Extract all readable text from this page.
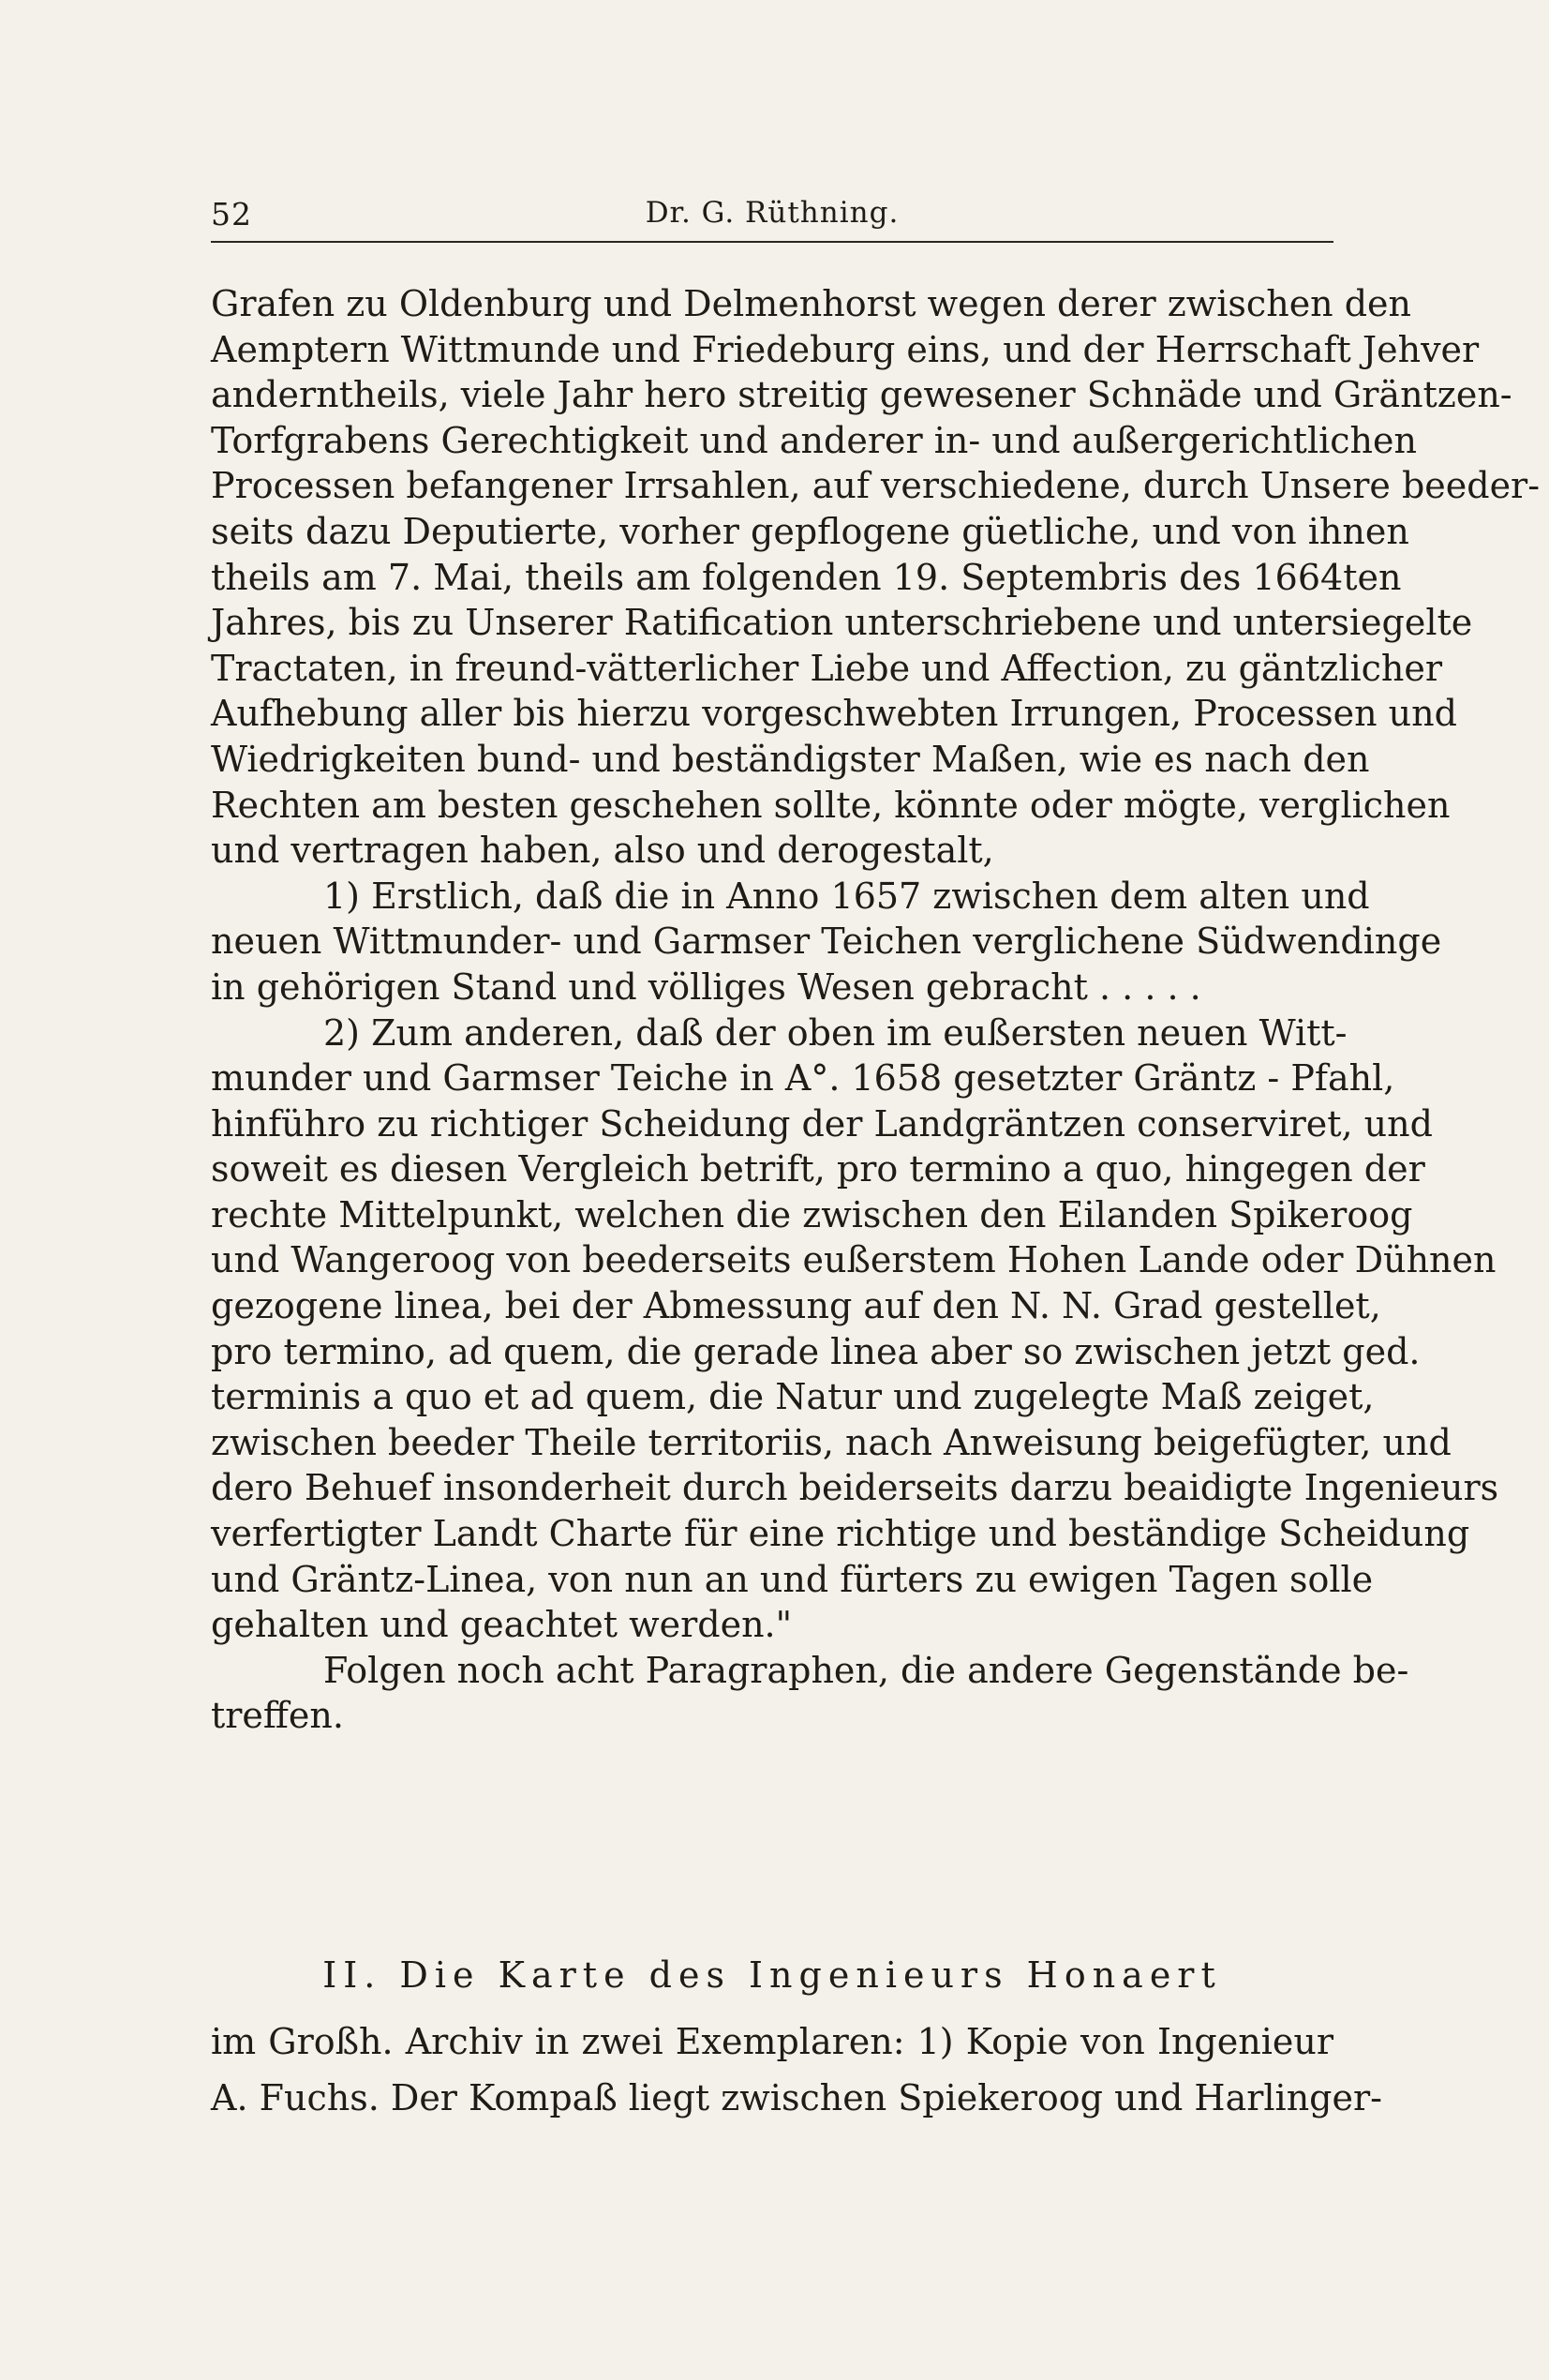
52	Dr. G. Rüthning.
Grafen zu Oldenburg und Delmenhorst wegen derer zwischen den
Aemptern Wittmunde und Friedeburg eins, und der Herrschaft Jehver
anderntheils, viele Jahr hero streitig gewesener Schnäde und Gräntzen-
Torfgrabens Gerechtigkeit und anderer in- und außergerichtlichen
Processen befangener Irrsahlen, auf verschiedene, durch Unsere beeder-
seits dazu Deputierte, vorher gepflogene güetliche, und von ihnen
theils am 7. Mai, theils am folgenden 19. Septembris des 1664ten
Jahres, bis zu Unserer Ratification unterschriebene und untersiegelte
Tractaten, in freund-vätterlicher Liebe und Affection, zu gäntzlicher
Aufhebung aller bis hierzu vorgeschwebten Irrungen, Processen und
Wiedrigkeiten bund- und beständigster Maßen, wie es nach den
Rechten am besten geschehen sollte, könnte oder mögte, verglichen
und vertragen haben, also und derogestalt,
1) Erstlich, daß die in Anno 1657 zwischen dem alten und
neuen Wittmunder- und Garmser Teichen verglichene Südwendinge
in gehörigen Stand und völliges Wesen gebracht . . . . .
2) Zum anderen, daß der oben im eußersten neuen Witt-
munder und Garmser Teiche in A°. 1658 gesetzter Gräntz - Pfahl,
hinführo zu richtiger Scheidung der Landgräntzen conserviret, und
soweit es diesen Vergleich betrift, pro termino a quo, hingegen der
rechte Mittelpunkt, welchen die zwischen den Eilanden Spikeroog
und Wangeroog von beederseits eußerstem Hohen Lande oder Dühnen
gezogene linea, bei der Abmessung auf den N. N. Grad gestellet,
pro termino, ad quem, die gerade linea aber so zwischen jetzt ged.
terminis a quo et ad quem, die Natur und zugelegte Maß zeiget,
zwischen beeder Theile territoriis, nach Anweisung beigefügter, und
dero Behuef insonderheit durch beiderseits darzu beaidigte Ingenieurs
verfertigter Landt Charte für eine richtige und beständige Scheidung
und Gräntz-Linea, von nun an und fürters zu ewigen Tagen solle
gehalten und geachtet werden."
Folgen noch acht Paragraphen, die andere Gegenstände be-
treffen.
II. Die Karte des Ingenieurs Honaert
im Großh. Archiv in zwei Exemplaren: 1) Kopie von Ingenieur
A. Fuchs. Der Kompaß liegt zwischen Spiekeroog und Harlinger-
